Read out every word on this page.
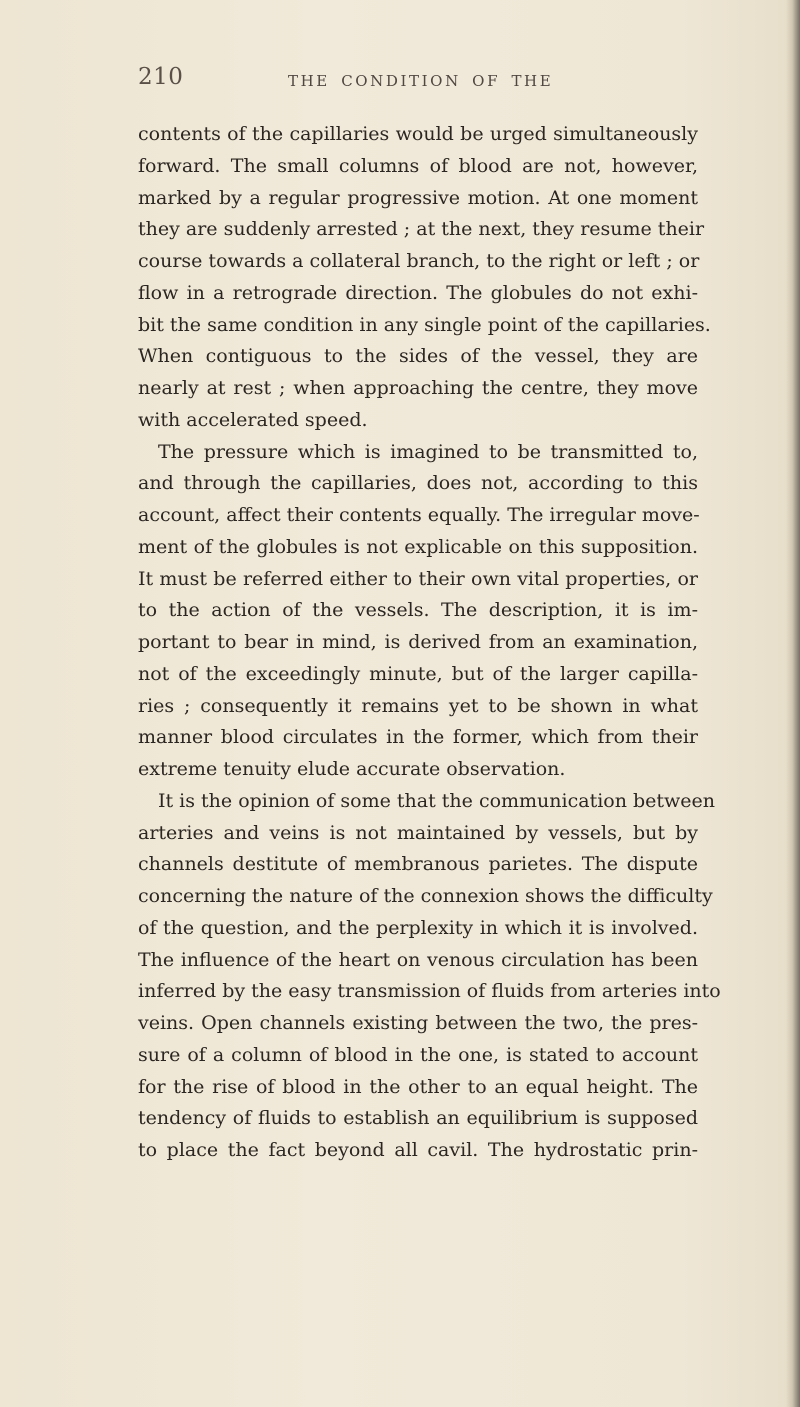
210	THE CONDITION OF THE
contents of the capillaries would be urged simultaneously
forward. The small columns of blood are not, however,
marked by a regular progressive motion. At one moment
they are suddenly arrested ; at the next, they resume their
course towards a collateral branch, to the right or left ; or
flow in a retrograde direction. The globules do not exhi-
bit the same condition in any single point of the capillaries.
When contiguous to the sides of the vessel, they are
nearly at rest ; when approaching the centre, they move
with accelerated speed.
The pressure which is imagined to be transmitted to,
and through the capillaries, does not, according to this
account, affect their contents equally. The irregular move-
ment of the globules is not explicable on this supposition.
It must be referred either to their own vital properties, or
to the action of the vessels. The description, it is im-
portant to bear in mind, is derived from an examination,
not of the exceedingly minute, but of the larger capilla-
ries ; consequently it remains yet to be shown in what
manner blood circulates in the former, which from their
extreme tenuity elude accurate observation.
It is the opinion of some that the communication between
arteries and veins is not maintained by vessels, but by
channels destitute of membranous parietes. The dispute
concerning the nature of the connexion shows the difficulty
of the question, and the perplexity in which it is involved.
The influence of the heart on venous circulation has been
inferred by the easy transmission of fluids from arteries into
veins. Open channels existing between the two, the pres-
sure of a column of blood in the one, is stated to account
for the rise of blood in the other to an equal height. The
tendency of fluids to establish an equilibrium is supposed
to place the fact beyond all cavil. The hydrostatic prin-
